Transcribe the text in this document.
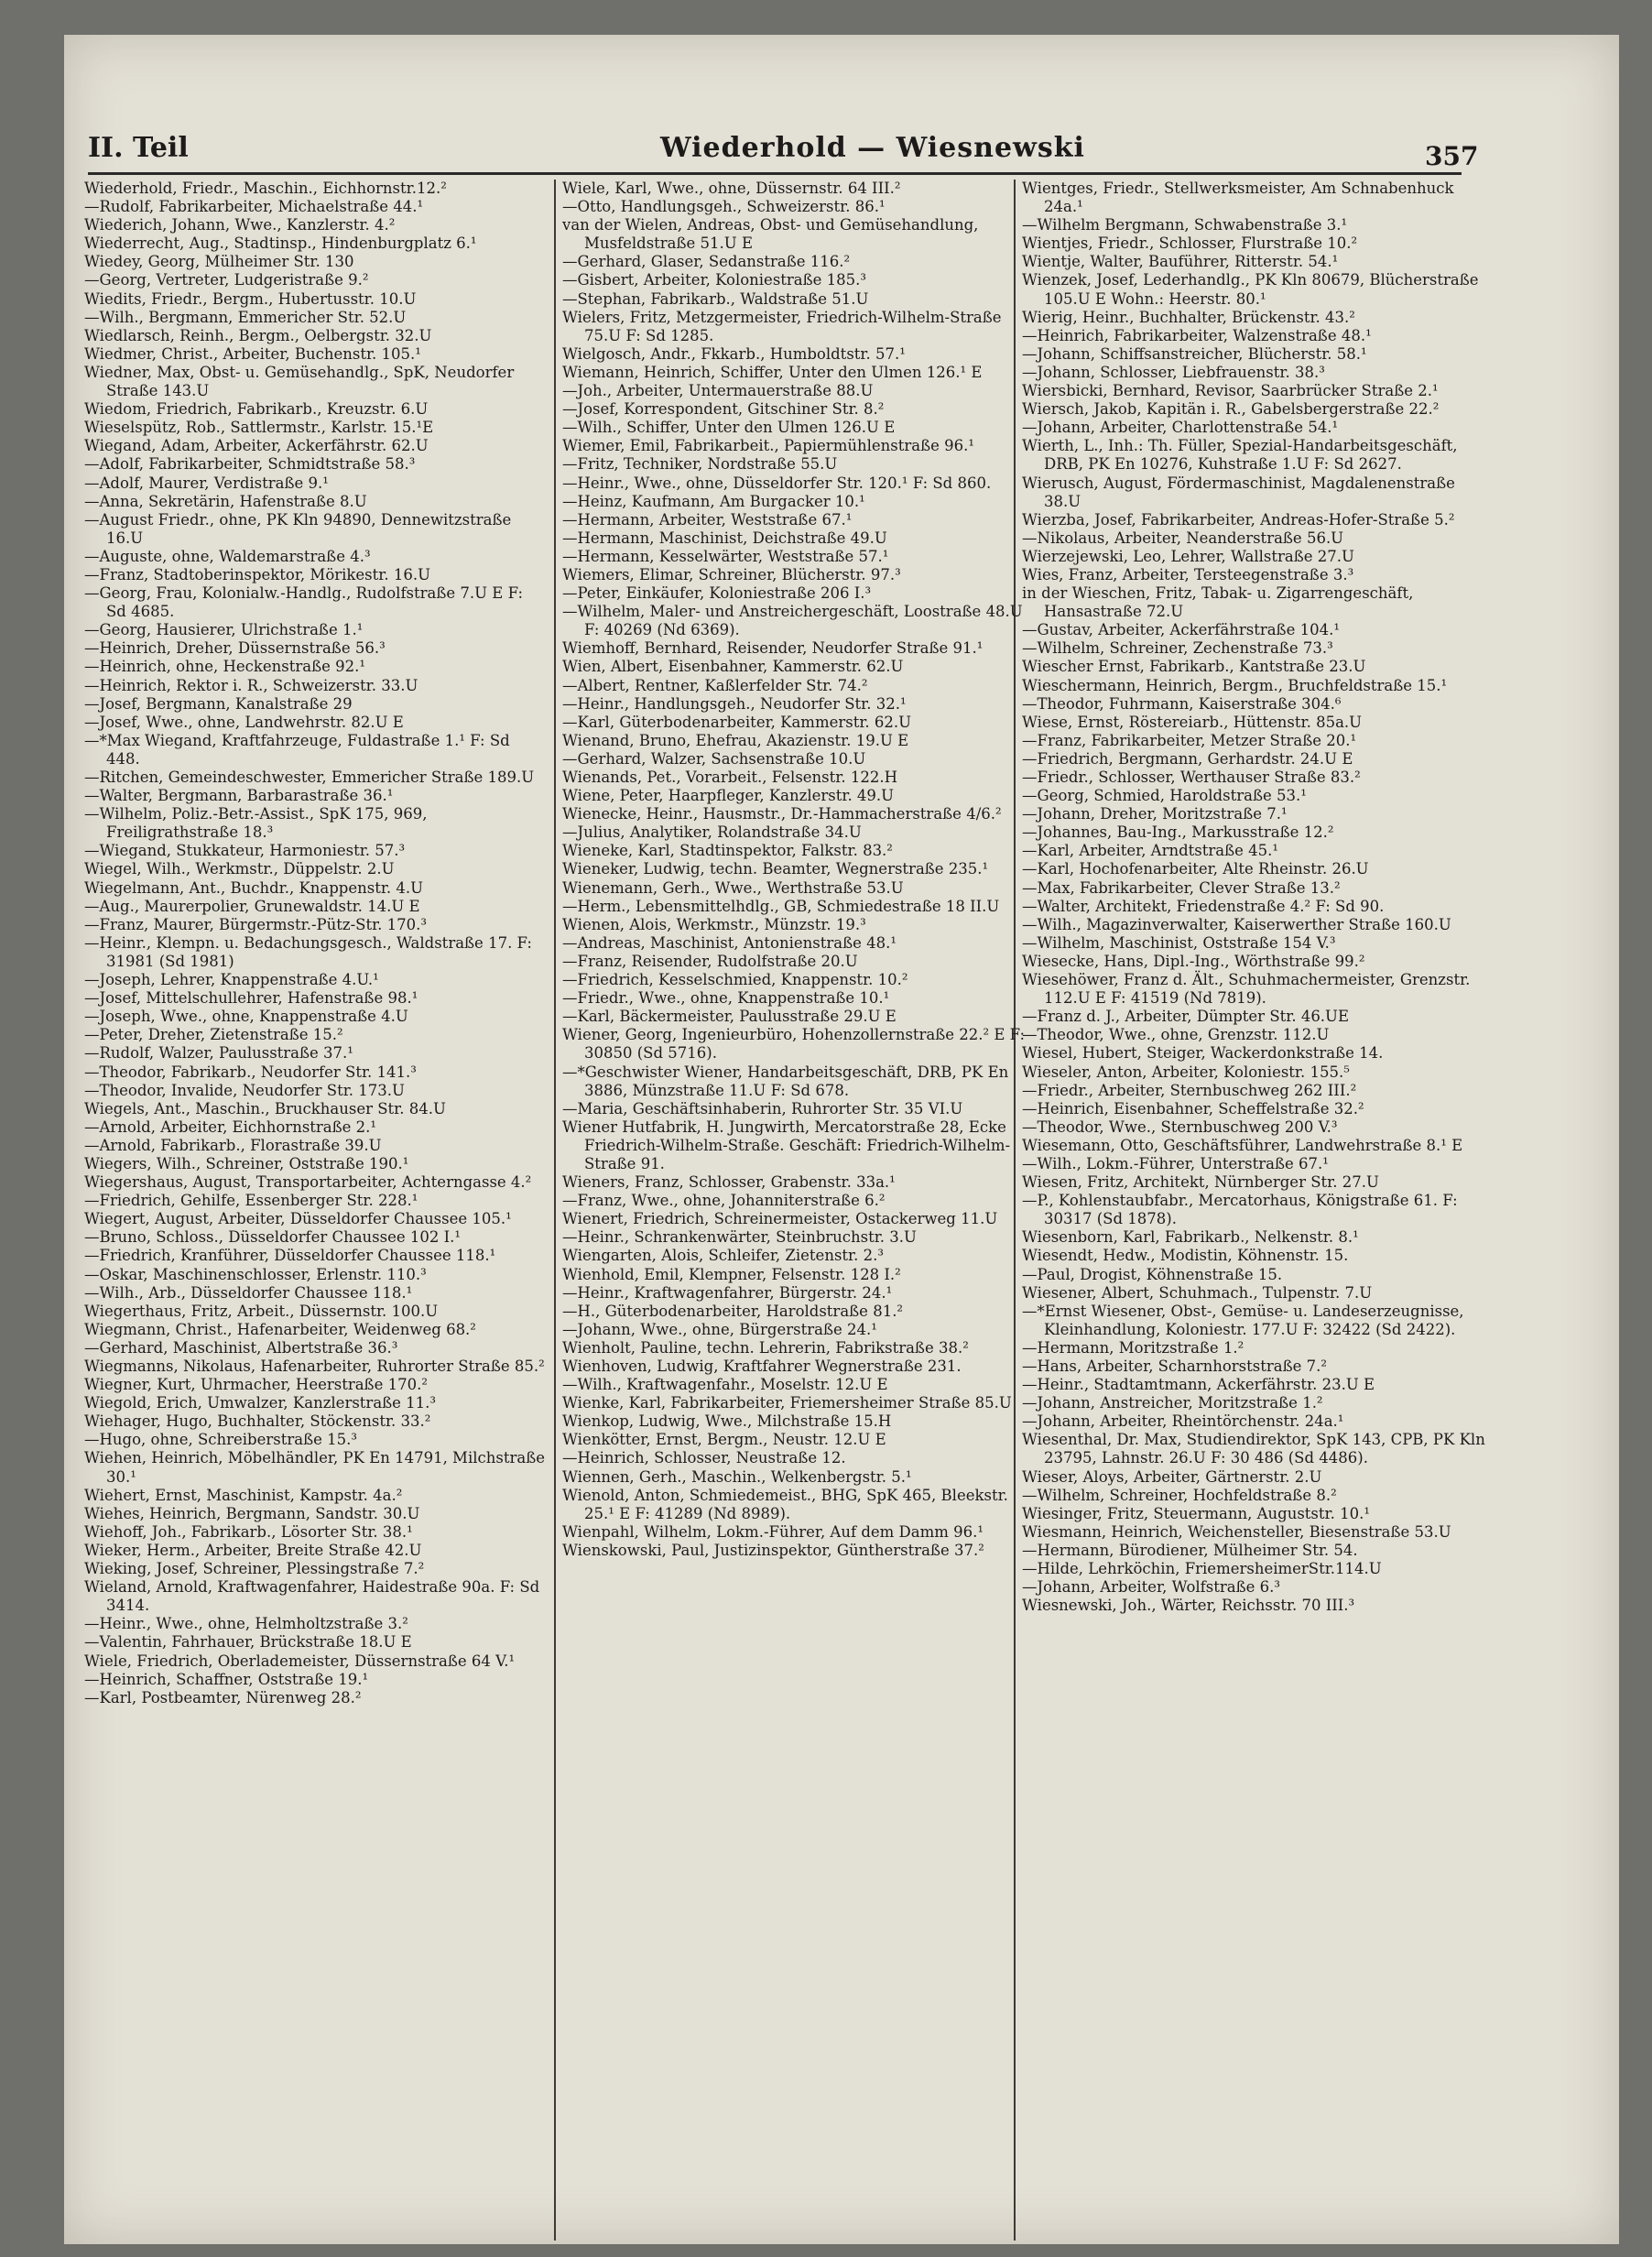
II. Teil	Wiederhold — Wiesnewski	357

Wiederhold, Friedr., Maschin., Eichhornstr.12.²

—Rudolf, Fabrikarbeiter, Michaelstraße 44.¹

Wiederich, Johann, Wwe., Kanzlerstr. 4.²

Wiederrecht, Aug., Stadtinsp., Hindenburgplatz 6.¹

Wiedey, Georg, Mülheimer Str. 130

—Georg, Vertreter, Ludgeristraße 9.²

Wiedits, Friedr., Bergm., Hubertusstr. 10.U

—Wilh., Bergmann, Emmericher Str. 52.U

Wiedlarsch, Reinh., Bergm., Oelbergstr. 32.U

Wiedmer, Christ., Arbeiter, Buchenstr. 105.¹

Wiedner, Max, Obst- u. Gemüsehandlg., SpK, Neudorfer Straße 143.U

Wiedom, Friedrich, Fabrikarb., Kreuzstr. 6.U

Wieselspütz, Rob., Sattlermstr., Karlstr. 15.¹E

Wiegand, Adam, Arbeiter, Ackerfährstr. 62.U

—Adolf, Fabrikarbeiter, Schmidtstraße 58.³

—Adolf, Maurer, Verdistraße 9.¹

—Anna, Sekretärin, Hafenstraße 8.U

—August Friedr., ohne, PK Kln 94890, Dennewitzstraße 16.U

—Auguste, ohne, Waldemarstraße 4.³

—Franz, Stadtoberinspektor, Mörikestr. 16.U

—Georg, Frau, Kolonialw.-Handlg., Rudolfstraße 7.U E F: Sd 4685.

—Georg, Hausierer, Ulrichstraße 1.¹

—Heinrich, Dreher, Düssernstraße 56.³

—Heinrich, ohne, Heckenstraße 92.¹

—Heinrich, Rektor i. R., Schweizerstr. 33.U

—Josef, Bergmann, Kanalstraße 29

—Josef, Wwe., ohne, Landwehrstr. 82.U E

—*Max Wiegand, Kraftfahrzeuge, Fuldastraße 1.¹ F: Sd 448.

—Ritchen, Gemeindeschwester, Emmericher Straße 189.U

—Walter, Bergmann, Barbarastraße 36.¹

—Wilhelm, Poliz.-Betr.-Assist., SpK 175, 969, Freiligrathstraße 18.³

—Wiegand, Stukkateur, Harmoniestr. 57.³

Wiegel, Wilh., Werkmstr., Düppelstr. 2.U

Wiegelmann, Ant., Buchdr., Knappenstr. 4.U

—Aug., Maurerpolier, Grunewaldstr. 14.U E

—Franz, Maurer, Bürgermstr.-Pütz-Str. 170.³

—Heinr., Klempn. u. Bedachungsgesch., Waldstraße 17. F: 31981 (Sd 1981)

—Joseph, Lehrer, Knappenstraße 4.U.¹

—Josef, Mittelschullehrer, Hafenstraße 98.¹

—Joseph, Wwe., ohne, Knappenstraße 4.U

—Peter, Dreher, Zietenstraße 15.²

—Rudolf, Walzer, Paulusstraße 37.¹

—Theodor, Fabrikarb., Neudorfer Str. 141.³

—Theodor, Invalide, Neudorfer Str. 173.U

Wiegels, Ant., Maschin., Bruckhauser Str. 84.U

—Arnold, Arbeiter, Eichhornstraße 2.¹

—Arnold, Fabrikarb., Florastraße 39.U

Wiegers, Wilh., Schreiner, Oststraße 190.¹

Wiegershaus, August, Transportarbeiter, Achterngasse 4.²

—Friedrich, Gehilfe, Essenberger Str. 228.¹

Wiegert, August, Arbeiter, Düsseldorfer Chaussee 105.¹

—Bruno, Schloss., Düsseldorfer Chaussee 102 I.¹

—Friedrich, Kranführer, Düsseldorfer Chaussee 118.¹

—Oskar, Maschinenschlosser, Erlenstr. 110.³

—Wilh., Arb., Düsseldorfer Chaussee 118.¹

Wiegerthaus, Fritz, Arbeit., Düssernstr. 100.U

Wiegmann, Christ., Hafenarbeiter, Weidenweg 68.²

—Gerhard, Maschinist, Albertstraße 36.³

Wiegmanns, Nikolaus, Hafenarbeiter, Ruhrorter Straße 85.²

Wiegner, Kurt, Uhrmacher, Heerstraße 170.²

Wiegold, Erich, Umwalzer, Kanzlerstraße 11.³

Wiehager, Hugo, Buchhalter, Stöckenstr. 33.²

—Hugo, ohne, Schreiberstraße 15.³

Wiehen, Heinrich, Möbelhändler, PK En 14791, Milchstraße 30.¹

Wiehert, Ernst, Maschinist, Kampstr. 4a.²

Wiehes, Heinrich, Bergmann, Sandstr. 30.U

Wiehoff, Joh., Fabrikarb., Lösorter Str. 38.¹

Wieker, Herm., Arbeiter, Breite Straße 42.U

Wieking, Josef, Schreiner, Plessingstraße 7.²

Wieland, Arnold, Kraftwagenfahrer, Haidestraße 90a. F: Sd 3414.

—Heinr., Wwe., ohne, Helmholtzstraße 3.²

—Valentin, Fahrhauer, Brückstraße 18.U E

Wiele, Friedrich, Oberlademeister, Düssernstraße 64 V.¹

—Heinrich, Schaffner, Oststraße 19.¹

—Karl, Postbeamter, Nürenweg 28.²

Wiele, Karl, Wwe., ohne, Düssernstr. 64 III.²

—Otto, Handlungsgeh., Schweizerstr. 86.¹

van der Wielen, Andreas, Obst- und Gemüsehandlung, Musfeldstraße 51.U E

—Gerhard, Glaser, Sedanstraße 116.²

—Gisbert, Arbeiter, Koloniestraße 185.³

—Stephan, Fabrikarb., Waldstraße 51.U

Wielers, Fritz, Metzgermeister, Friedrich-Wilhelm-Straße 75.U F: Sd 1285.

Wielgosch, Andr., Fkkarb., Humboldtstr. 57.¹

Wiemann, Heinrich, Schiffer, Unter den Ulmen 126.¹ E

—Joh., Arbeiter, Untermauerstraße 88.U

—Josef, Korrespondent, Gitschiner Str. 8.²

—Wilh., Schiffer, Unter den Ulmen 126.U E

Wiemer, Emil, Fabrikarbeit., Papiermühlenstraße 96.¹

—Fritz, Techniker, Nordstraße 55.U

—Heinr., Wwe., ohne, Düsseldorfer Str. 120.¹ F: Sd 860.

—Heinz, Kaufmann, Am Burgacker 10.¹

—Hermann, Arbeiter, Weststraße 67.¹

—Hermann, Maschinist, Deichstraße 49.U

—Hermann, Kesselwärter, Weststraße 57.¹

Wiemers, Elimar, Schreiner, Blücherstr. 97.³

—Peter, Einkäufer, Koloniestraße 206 I.³

—Wilhelm, Maler- und Anstreichergeschäft, Loostraße 48.U F: 40269 (Nd 6369).

Wiemhoff, Bernhard, Reisender, Neudorfer Straße 91.¹

Wien, Albert, Eisenbahner, Kammerstr. 62.U

—Albert, Rentner, Kaßlerfelder Str. 74.²

—Heinr., Handlungsgeh., Neudorfer Str. 32.¹

—Karl, Güterbodenarbeiter, Kammerstr. 62.U

Wienand, Bruno, Ehefrau, Akazienstr. 19.U E

—Gerhard, Walzer, Sachsenstraße 10.U

Wienands, Pet., Vorarbeit., Felsenstr. 122.H

Wiene, Peter, Haarpfleger, Kanzlerstr. 49.U

Wienecke, Heinr., Hausmstr., Dr.-Hammacherstraße 4/6.²

—Julius, Analytiker, Rolandstraße 34.U

Wieneke, Karl, Stadtinspektor, Falkstr. 83.²

Wieneker, Ludwig, techn. Beamter, Wegnerstraße 235.¹

Wienemann, Gerh., Wwe., Werthstraße 53.U

—Herm., Lebensmittelhdlg., GB, Schmiedestraße 18 II.U

Wienen, Alois, Werkmstr., Münzstr. 19.³

—Andreas, Maschinist, Antonienstraße 48.¹

—Franz, Reisender, Rudolfstraße 20.U

—Friedrich, Kesselschmied, Knappenstr. 10.²

—Friedr., Wwe., ohne, Knappenstraße 10.¹

—Karl, Bäckermeister, Paulusstraße 29.U E

Wiener, Georg, Ingenieurbüro, Hohenzollernstraße 22.² E F: 30850 (Sd 5716).

—*Geschwister Wiener, Handarbeitsgeschäft, DRB, PK En 3886, Münzstraße 11.U F: Sd 678.

—Maria, Geschäftsinhaberin, Ruhrorter Str. 35 VI.U

Wiener Hutfabrik, H. Jungwirth, Mercatorstraße 28, Ecke Friedrich-Wilhelm-Straße. Geschäft: Friedrich-Wilhelm-Straße 91.

Wieners, Franz, Schlosser, Grabenstr. 33a.¹

—Franz, Wwe., ohne, Johanniterstraße 6.²

Wienert, Friedrich, Schreinermeister, Ostackerweg 11.U

—Heinr., Schrankenwärter, Steinbruchstr. 3.U

Wiengarten, Alois, Schleifer, Zietenstr. 2.³

Wienhold, Emil, Klempner, Felsenstr. 128 I.²

—Heinr., Kraftwagenfahrer, Bürgerstr. 24.¹

—H., Güterbodenarbeiter, Haroldstraße 81.²

—Johann, Wwe., ohne, Bürgerstraße 24.¹

Wienholt, Pauline, techn. Lehrerin, Fabrikstraße 38.²

Wienhoven, Ludwig, Kraftfahrer Wegnerstraße 231.

—Wilh., Kraftwagenfahr., Moselstr. 12.U E

Wienke, Karl, Fabrikarbeiter, Friemersheimer Straße 85.U

Wienkop, Ludwig, Wwe., Milchstraße 15.H

Wienkötter, Ernst, Bergm., Neustr. 12.U E

—Heinrich, Schlosser, Neustraße 12.

Wiennen, Gerh., Maschin., Welkenbergstr. 5.¹

Wienold, Anton, Schmiedemeist., BHG, SpK 465, Bleekstr. 25.¹ E F: 41289 (Nd 8989).

Wienpahl, Wilhelm, Lokm.-Führer, Auf dem Damm 96.¹

Wienskowski, Paul, Justizinspektor, Güntherstraße 37.²

Wientges, Friedr., Stellwerksmeister, Am Schnabenhuck 24a.¹

—Wilhelm Bergmann, Schwabenstraße 3.¹

Wientjes, Friedr., Schlosser, Flurstraße 10.²

Wientje, Walter, Bauführer, Ritterstr. 54.¹

Wienzek, Josef, Lederhandlg., PK Kln 80679, Blücherstraße 105.U E Wohn.: Heerstr. 80.¹

Wierig, Heinr., Buchhalter, Brückenstr. 43.²

—Heinrich, Fabrikarbeiter, Walzenstraße 48.¹

—Johann, Schiffsanstreicher, Blücherstr. 58.¹

—Johann, Schlosser, Liebfrauenstr. 38.³

Wiersbicki, Bernhard, Revisor, Saarbrücker Straße 2.¹

Wiersch, Jakob, Kapitän i. R., Gabelsbergerstraße 22.²

—Johann, Arbeiter, Charlottenstraße 54.¹

Wierth, L., Inh.: Th. Füller, Spezial-Handarbeitsgeschäft, DRB, PK En 10276, Kuhstraße 1.U F: Sd 2627.

Wierusch, August, Fördermaschinist, Magdalenenstraße 38.U

Wierzba, Josef, Fabrikarbeiter, Andreas-Hofer-Straße 5.²

—Nikolaus, Arbeiter, Neanderstraße 56.U

Wierzejewski, Leo, Lehrer, Wallstraße 27.U

Wies, Franz, Arbeiter, Tersteegenstraße 3.³

in der Wieschen, Fritz, Tabak- u. Zigarrengeschäft, Hansastraße 72.U

—Gustav, Arbeiter, Ackerfährstraße 104.¹

—Wilhelm, Schreiner, Zechenstraße 73.³

Wiescher Ernst, Fabrikarb., Kantstraße 23.U

Wieschermann, Heinrich, Bergm., Bruchfeldstraße 15.¹

—Theodor, Fuhrmann, Kaiserstraße 304.⁶

Wiese, Ernst, Röstereiarb., Hüttenstr. 85a.U

—Franz, Fabrikarbeiter, Metzer Straße 20.¹

—Friedrich, Bergmann, Gerhardstr. 24.U E

—Friedr., Schlosser, Werthauser Straße 83.²

—Georg, Schmied, Haroldstraße 53.¹

—Johann, Dreher, Moritzstraße 7.¹

—Johannes, Bau-Ing., Markusstraße 12.²

—Karl, Arbeiter, Arndtstraße 45.¹

—Karl, Hochofenarbeiter, Alte Rheinstr. 26.U

—Max, Fabrikarbeiter, Clever Straße 13.²

—Walter, Architekt, Friedenstraße 4.² F: Sd 90.

—Wilh., Magazinverwalter, Kaiserwerther Straße 160.U

—Wilhelm, Maschinist, Oststraße 154 V.³

Wiesecke, Hans, Dipl.-Ing., Wörthstraße 99.²

Wiesehöwer, Franz d. Ält., Schuhmachermeister, Grenzstr. 112.U E F: 41519 (Nd 7819).

—Franz d. J., Arbeiter, Dümpter Str. 46.UE

—Theodor, Wwe., ohne, Grenzstr. 112.U

Wiesel, Hubert, Steiger, Wackerdonkstraße 14.

Wieseler, Anton, Arbeiter, Koloniestr. 155.⁵

—Friedr., Arbeiter, Sternbuschweg 262 III.²

—Heinrich, Eisenbahner, Scheffelstraße 32.²

—Theodor, Wwe., Sternbuschweg 200 V.³

Wiesemann, Otto, Geschäftsführer, Landwehrstraße 8.¹ E

—Wilh., Lokm.-Führer, Unterstraße 67.¹

Wiesen, Fritz, Architekt, Nürnberger Str. 27.U

—P., Kohlenstaubfabr., Mercatorhaus, Königstraße 61. F: 30317 (Sd 1878).

Wiesenborn, Karl, Fabrikarb., Nelkenstr. 8.¹

Wiesendt, Hedw., Modistin, Köhnenstr. 15.

—Paul, Drogist, Köhnenstraße 15.

Wiesener, Albert, Schuhmach., Tulpenstr. 7.U

—*Ernst Wiesener, Obst-, Gemüse- u. Landeserzeugnisse, Kleinhandlung, Koloniestr. 177.U F: 32422 (Sd 2422).

—Hermann, Moritzstraße 1.²

—Hans, Arbeiter, Scharnhorststraße 7.²

—Heinr., Stadtamtmann, Ackerfährstr. 23.U E

—Johann, Anstreicher, Moritzstraße 1.²

—Johann, Arbeiter, Rheintörchenstr. 24a.¹

Wiesenthal, Dr. Max, Studiendirektor, SpK 143, CPB, PK Kln 23795, Lahnstr. 26.U F: 30 486 (Sd 4486).

Wieser, Aloys, Arbeiter, Gärtnerstr. 2.U

—Wilhelm, Schreiner, Hochfeldstraße 8.²

Wiesinger, Fritz, Steuermann, Auguststr. 10.¹

Wiesmann, Heinrich, Weichensteller, Biesenstraße 53.U

—Hermann, Bürodiener, Mülheimer Str. 54.

—Hilde, Lehrköchin, FriemersheimerStr.114.U

—Johann, Arbeiter, Wolfstraße 6.³

Wiesnewski, Joh., Wärter, Reichsstr. 70 III.³
